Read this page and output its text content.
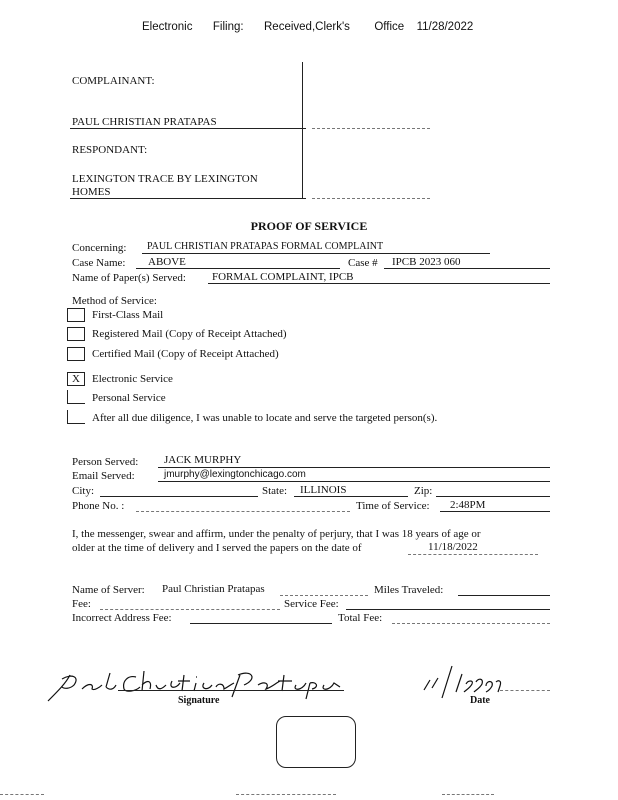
Electronic Filing: Received,Clerk's Office 11/28/2022
COMPLAINANT:
PAUL CHRISTIAN PRATAPAS
RESPONDANT:
LEXINGTON TRACE BY LEXINGTON
HOMES
PROOF OF SERVICE
Concerning: PAUL CHRISTIAN PRATAPAS FORMAL COMPLAINT
Case Name: ABOVE	Case # IPCB 2023 060
Name of Paper(s) Served: FORMAL COMPLAINT, IPCB
Method of Service:
First-Class Mail
Registered Mail (Copy of Receipt Attached)
Certified Mail (Copy of Receipt Attached)
X	Electronic Service
Personal Service
After all due diligence, I was unable to locate and serve the targeted person(s).
Person Served: JACK MURPHY
Email Served:	jmurphy@lexingtonchicago.com
City:	State: ILLINOIS	Zip:
Phone No. :	Time of Service: 2:48PM
I, the messenger, swear and affirm, under the penalty of perjury, that I was 18 years of age or
older at the time of delivery and I served the papers on the date of	11/18/2022
Name of Server: Paul Christian Pratapas	Miles Traveled:
Fee:	Service Fee:
Incorrect Address Fee:	Total Fee:
Signature	Date
